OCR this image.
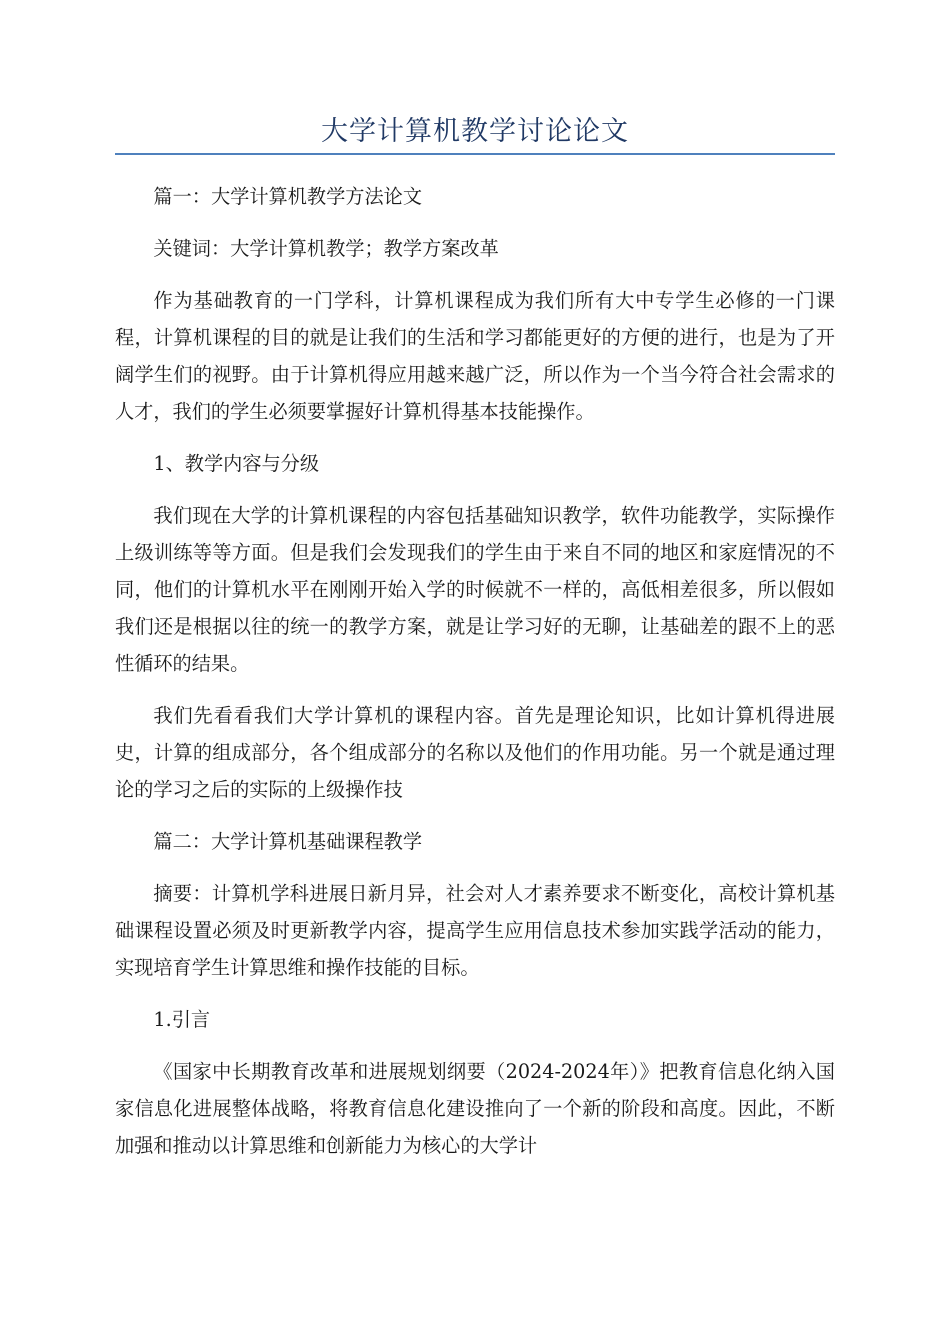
大学计算机教学讨论论文

篇一：大学计算机教学方法论文

关键词：大学计算机教学；教学方案改革

作为基础教育的一门学科，计算机课程成为我们所有大中专学生必修的一门课程，计算机课程的目的就是让我们的生活和学习都能更好的方便的进行，也是为了开阔学生们的视野。由于计算机得应用越来越广泛，所以作为一个当今符合社会需求的人才，我们的学生必须要掌握好计算机得基本技能操作。

1、教学内容与分级

我们现在大学的计算机课程的内容包括基础知识教学，软件功能教学，实际操作上级训练等等方面。但是我们会发现我们的学生由于来自不同的地区和家庭情况的不同，他们的计算机水平在刚刚开始入学的时候就不一样的，高低相差很多，所以假如我们还是根据以往的统一的教学方案，就是让学习好的无聊，让基础差的跟不上的恶性循环的结果。

我们先看看我们大学计算机的课程内容。首先是理论知识，比如计算机得进展史，计算的组成部分，各个组成部分的名称以及他们的作用功能。另一个就是通过理论的学习之后的实际的上级操作技

篇二：大学计算机基础课程教学

摘要：计算机学科进展日新月异，社会对人才素养要求不断变化，高校计算机基础课程设置必须及时更新教学内容，提高学生应用信息技术参加实践学活动的能力，实现培育学生计算思维和操作技能的目标。

1.引言

《国家中长期教育改革和进展规划纲要（2024-2024年）》把教育信息化纳入国家信息化进展整体战略，将教育信息化建设推向了一个新的阶段和高度。因此，不断加强和推动以计算思维和创新能力为核心的大学计
